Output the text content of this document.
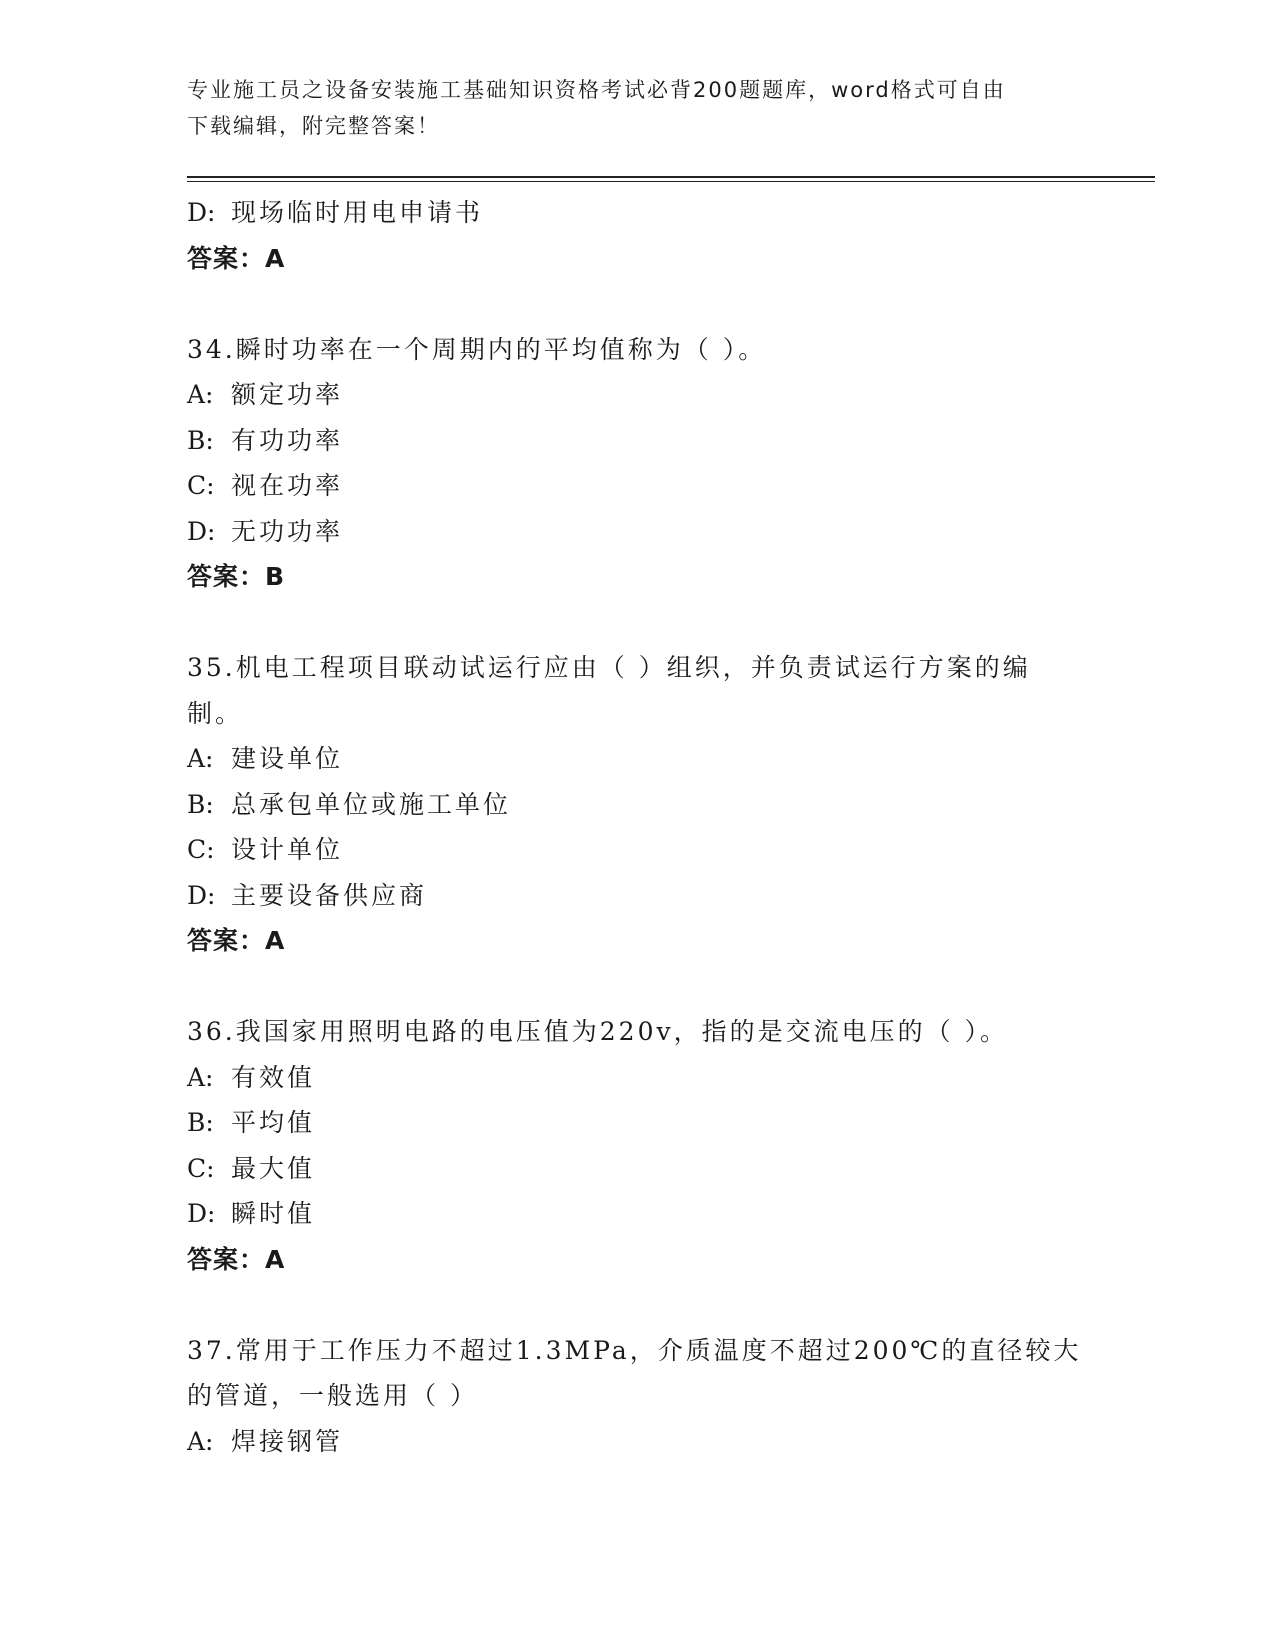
专业施工员之设备安装施工基础知识资格考试必背200题题库，word格式可自由
下载编辑，附完整答案！
D: 现场临时用电申请书
答案：A
34.瞬时功率在一个周期内的平均值称为（ ）。
A: 额定功率
B: 有功功率
C: 视在功率
D: 无功功率
答案：B
35.机电工程项目联动试运行应由（ ）组织，并负责试运行方案的编
制。
A: 建设单位
B: 总承包单位或施工单位
C: 设计单位
D: 主要设备供应商
答案：A
36.我国家用照明电路的电压值为220v，指的是交流电压的（ ）。
A: 有效值
B: 平均值
C: 最大值
D: 瞬时值
答案：A
37.常用于工作压力不超过1.3MPa，介质温度不超过200℃的直径较大
的管道，一般选用（ ）
A: 焊接钢管
